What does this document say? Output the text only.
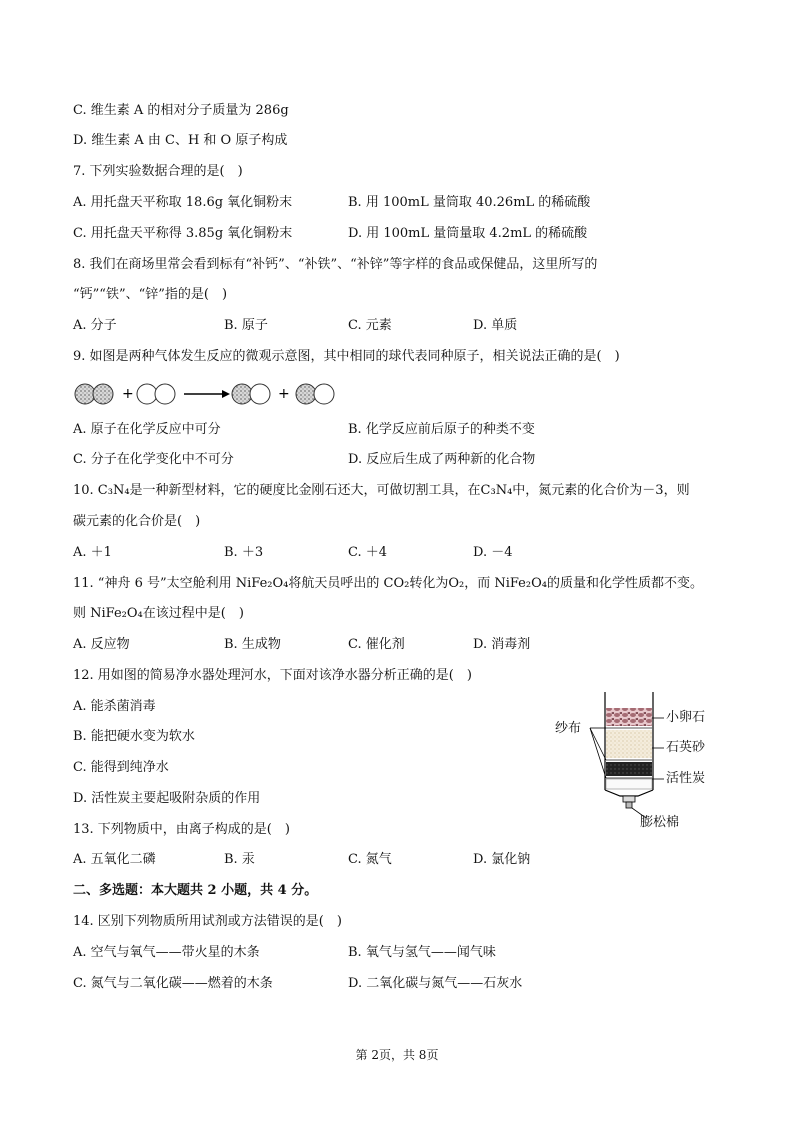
C. 维生素 A 的相对分子质量为 286g
D. 维生素 A 由 C、H 和 O 原子构成
7. 下列实验数据合理的是(　)
A. 用托盘天平称取 18.6g 氧化铜粉末	B. 用 100mL 量筒取 40.26mL 的稀硫酸
C. 用托盘天平称得 3.85g 氧化铜粉末	D. 用 100mL 量筒量取 4.2mL 的稀硫酸
8. 我们在商场里常会看到标有“补钙”、“补铁”、“补锌”等字样的食品或保健品，这里所写的
“钙”“铁”、“锌”指的是(　)
A. 分子	B. 原子	C. 元素	D. 单质
9. 如图是两种气体发生反应的微观示意图，其中相同的球代表同种原子，相关说法正确的是(　)
+	+
A. 原子在化学反应中可分	B. 化学反应前后原子的种类不变
C. 分子在化学变化中不可分	D. 反应后生成了两种新的化合物
10. C₃N₄是一种新型材料，它的硬度比金刚石还大，可做切割工具，在C₃N₄中，氮元素的化合价为－3，则
碳元素的化合价是(　)
A. ＋1	B. ＋3	C. ＋4	D. －4
11. “神舟 6 号”太空舱利用 NiFe₂O₄将航天员呼出的 CO₂转化为O₂，而 NiFe₂O₄的质量和化学性质都不变。
则 NiFe₂O₄在该过程中是(　)
A. 反应物	B. 生成物	C. 催化剂	D. 消毒剂
12. 用如图的简易净水器处理河水，下面对该净水器分析正确的是(　)
A. 能杀菌消毒
B. 能把硬水变为软水
C. 能得到纯净水
D. 活性炭主要起吸附杂质的作用
纱布
小卵石
石英砂
活性炭
膨松棉
13. 下列物质中，由离子构成的是(　)
A. 五氧化二磷	B. 汞	C. 氮气	D. 氯化钠
二、多选题：本大题共 2 小题，共 4 分。
14. 区别下列物质所用试剂或方法错误的是(　)
A. 空气与氧气——带火星的木条	B. 氧气与氢气——闻气味
C. 氮气与二氧化碳——燃着的木条	D. 二氧化碳与氮气——石灰水
第 2页，共 8页
